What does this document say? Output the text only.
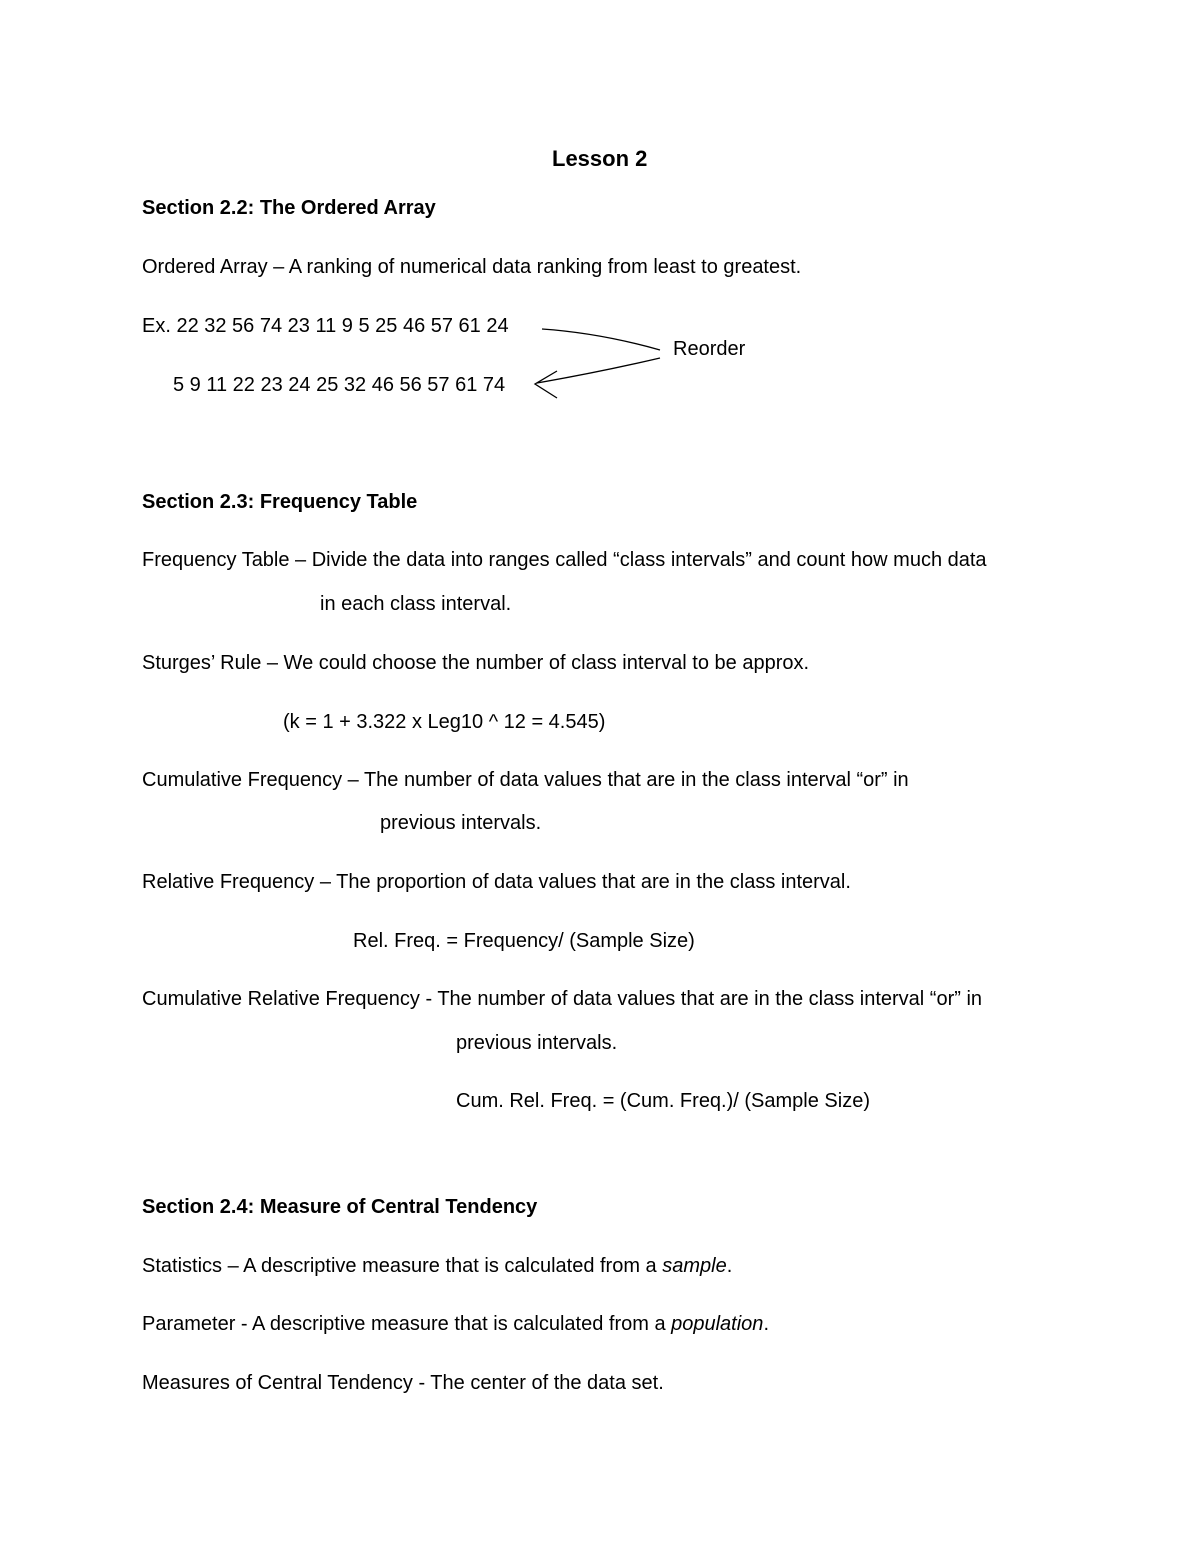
Lesson 2
Section 2.2: The Ordered Array
Ordered Array – A ranking of numerical data ranking from least to greatest.
Ex. 22 32 56 74 23 11 9 5 25 46 57 61 24
5 9 11 22 23 24 25 32 46 56 57 61 74
Reorder
Section 2.3: Frequency Table
Frequency Table – Divide the data into ranges called “class intervals” and count how much data
in each class interval.
Sturges’ Rule – We could choose the number of class interval to be approx.
(k = 1 + 3.322 x Leg10 ^ 12 = 4.545)
Cumulative Frequency – The number of data values that are in the class interval “or” in
previous intervals.
Relative Frequency – The proportion of data values that are in the class interval.
Rel. Freq. = Frequency/ (Sample Size)
Cumulative Relative Frequency - The number of data values that are in the class interval “or” in
previous intervals.
Cum. Rel. Freq. = (Cum. Freq.)/ (Sample Size)
Section 2.4: Measure of Central Tendency
Statistics – A descriptive measure that is calculated from a sample.
Parameter - A descriptive measure that is calculated from a population.
Measures of Central Tendency - The center of the data set.
